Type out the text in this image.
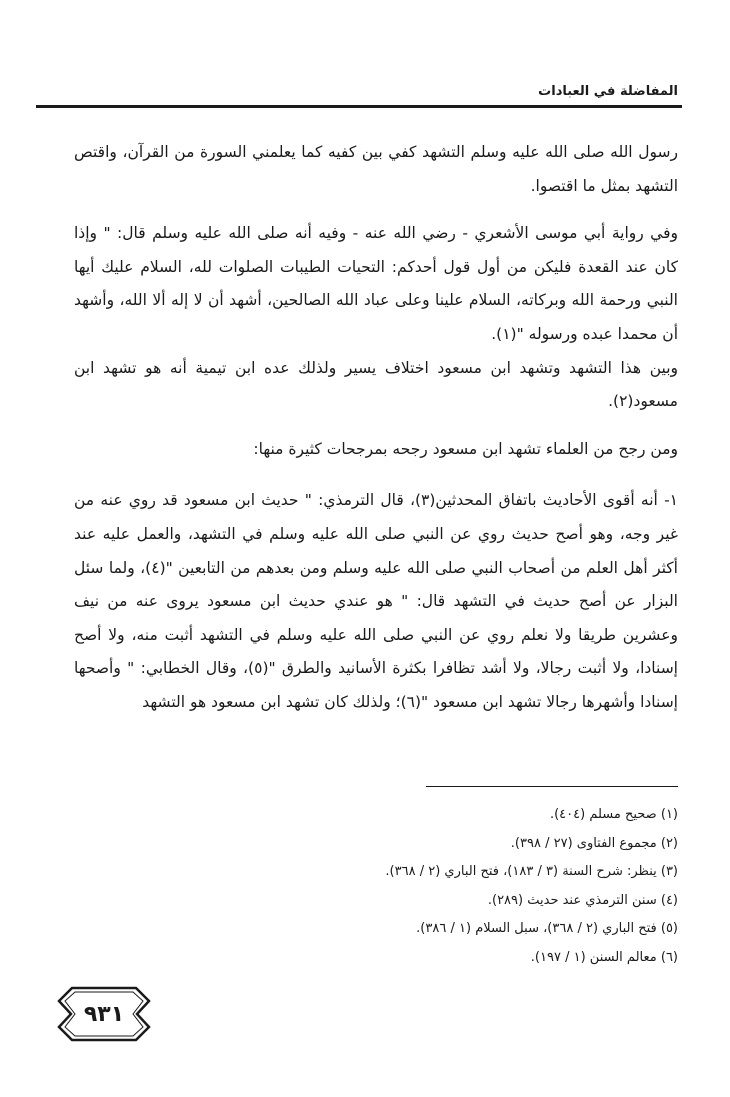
المفاضلة في العبادات

رسول الله صلى الله عليه وسلم التشهد كفي بين كفيه كما يعلمني السورة من القرآن، واقتص التشهد بمثل ما اقتصوا.

وفي رواية أبي موسى الأشعري - رضي الله عنه - وفيه أنه صلى الله عليه وسلم قال: " وإذا كان عند القعدة فليكن من أول قول أحدكم: التحيات الطيبات الصلوات لله، السلام عليك أيها النبي ورحمة الله وبركاته، السلام علينا وعلى عباد الله الصالحين، أشهد أن لا إله ألا الله، وأشهد أن محمدا عبده ورسوله "(١).

وبين هذا التشهد وتشهد ابن مسعود اختلاف يسير ولذلك عده ابن تيمية أنه هو تشهد ابن مسعود(٢).

ومن رجح من العلماء تشهد ابن مسعود رجحه بمرجحات كثيرة منها:

١- أنه أقوى الأحاديث باتفاق المحدثين(٣)، قال الترمذي: " حديث ابن مسعود قد روي عنه من غير وجه، وهو أصح حديث روي عن النبي صلى الله عليه وسلم في التشهد، والعمل عليه عند أكثر أهل العلم من أصحاب النبي صلى الله عليه وسلم ومن بعدهم من التابعين "(٤)، ولما سئل البزار عن أصح حديث في التشهد قال: " هو عندي حديث ابن مسعود يروى عنه من نيف وعشرين طريقا ولا نعلم روي عن النبي صلى الله عليه وسلم في التشهد أثبت منه، ولا أصح إسنادا، ولا أثبت رجالا، ولا أشد تظافرا بكثرة الأسانيد والطرق "(٥)، وقال الخطابي: " وأصحها إسنادا وأشهرها رجالا تشهد ابن مسعود "(٦)؛ ولذلك كان تشهد ابن مسعود هو التشهد

(١) صحيح مسلم (٤٠٤).
(٢) مجموع الفتاوى (٢٧ / ٣٩٨).
(٣) ينظر: شرح السنة (٣ / ١٨٣)، فتح الباري (٢ / ٣٦٨).
(٤) سنن الترمذي عند حديث (٢٨٩).
(٥) فتح الباري (٢ / ٣٦٨)، سبل السلام (١ / ٣٨٦).
(٦) معالم السنن (١ / ١٩٧).
٩٣١
